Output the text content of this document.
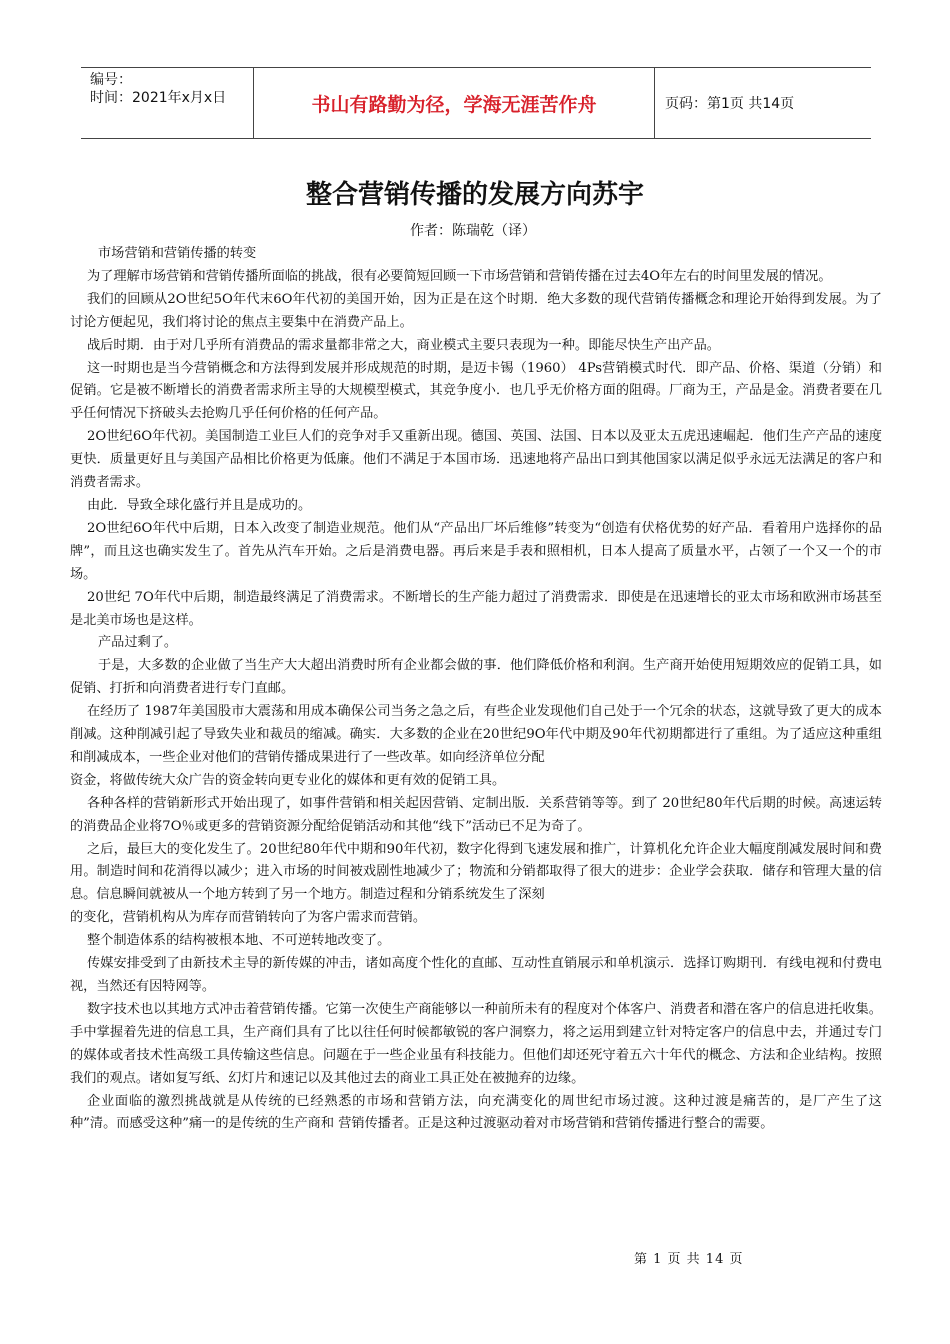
编号：
时间：2021年x月x日	书山有路勤为径，学海无涯苦作舟	页码：第1页 共14页
整合营销传播的发展方向苏宇
作者：陈瑞乾（译）

市场营销和营销传播的转变

为了理解市场营销和营销传播所面临的挑战，很有必要简短回顾一下市场营销和营销传播在过去4O年左右的时间里发展的情况。

我们的回顾从2O世纪5O年代末6O年代初的美国开始，因为正是在这个时期．绝大多数的现代营销传播概念和理论开始得到发展。为了讨论方便起见，我们将讨论的焦点主要集中在消费产品上。

战后时期．由于对几乎所有消费品的需求量都非常之大，商业模式主要只表现为一种。即能尽快生产出产品。

这一时期也是当今营销概念和方法得到发展并形成规范的时期，是迈卡锡（1960） 4Ps营销模式时代．即产品、价格、渠道（分销）和促销。它是被不断增长的消费者需求所主导的大规模型模式，其竞争度小．也几乎无价格方面的阻碍。厂商为王，产品是金。消费者要在几乎任何情况下挤破头去抢购几乎任何价格的任何产品。

2O世纪6O年代初。美国制造工业巨人们的竞争对手又重新出现。德国、英国、法国、日本以及亚太五虎迅速崛起．他们生产产品的速度更快．质量更好且与美国产品相比价格更为低廉。他们不满足于本国市场．迅速地将产品出口到其他国家以满足似乎永远无法满足的客户和消费者需求。

由此．导致全球化盛行并且是成功的。

2O世纪6O年代中后期，日本入改变了制造业规范。他们从“产品出厂坏后维修”转变为“创造有伏格优势的好产品．看着用户选择你的品牌”，而且这也确实发生了。首先从汽车开始。之后是消费电器。再后来是手表和照相机，日本人提高了质量水平，占领了一个又一个的市场。

20世纪 7O年代中后期，制造最终满足了消费需求。不断增长的生产能力超过了消费需求．即使是在迅速增长的亚太市场和欧洲市场甚至是北美市场也是这样。

产品过剩了。

于是，大多数的企业做了当生产大大超出消费时所有企业都会做的事．他们降低价格和利润。生产商开始使用短期效应的促销工具，如促销、打折和向消费者进行专门直邮。

在经历了 1987年美国股市大震荡和用成本确保公司当务之急之后，有些企业发现他们自己处于一个冗余的状态，这就导致了更大的成本削减。这种削减引起了导致失业和裁员的缩减。确实．大多数的企业在20世纪9O年代中期及90年代初期都进行了重组。为了适应这种重组和削减成本，一些企业对他们的营销传播成果进行了一些改革。如向经济单位分配

资金，将做传统大众广告的资金转向更专业化的媒体和更有效的促销工具。

各种各样的营销新形式开始出现了，如事件营销和相关起因营销、定制出版．关系营销等等。到了 20世纪80年代后期的时候。高速运转的消费品企业将7O％或更多的营销资源分配给促销活动和其他“线下”活动已不足为奇了。

之后，最巨大的变化发生了。20世纪80年代中期和90年代初，数字化得到飞速发展和推广，计算机化允许企业大幅度削减发展时间和费用。制造时间和花消得以减少；进入市场的时间被戏剧性地减少了；物流和分销都取得了很大的进步：企业学会获取．储存和管理大量的信息。信息瞬间就被从一个地方转到了另一个地方。制造过程和分销系统发生了深刻

的变化，营销机构从为库存而营销转向了为客户需求而营销。

整个制造体系的结构被根本地、不可逆转地改变了。

传媒安排受到了由新技术主导的新传媒的冲击，诸如高度个性化的直邮、互动性直销展示和单机演示．选择订购期刊．有线电视和付费电视，当然还有因特网等。

数字技术也以其地方式冲击着营销传播。它第一次使生产商能够以一种前所未有的程度对个体客户、消费者和潜在客户的信息进托收集。手中掌握着先进的信息工具，生产商们具有了比以往任何时候都敏锐的客户洞察力，将之运用到建立针对特定客户的信息中去，并通过专门的媒体或者技术性高级工具传输这些信息。问题在于一些企业虽有科技能力。但他们却还死守着五六十年代的概念、方法和企业结构。按照我们的观点。诸如复写纸、幻灯片和速记以及其他过去的商业工具正处在被抛弃的边缘。

企业面临的激烈挑战就是从传统的已经熟悉的市场和营销方法，向充满变化的周世纪市场过渡。这种过渡是痛苦的，是厂产生了这种”清。而感受这种”痛一的是传统的生产商和 营销传播者。正是这种过渡驱动着对市场营销和营销传播进行整合的需要。

第 1 页 共 14 页
